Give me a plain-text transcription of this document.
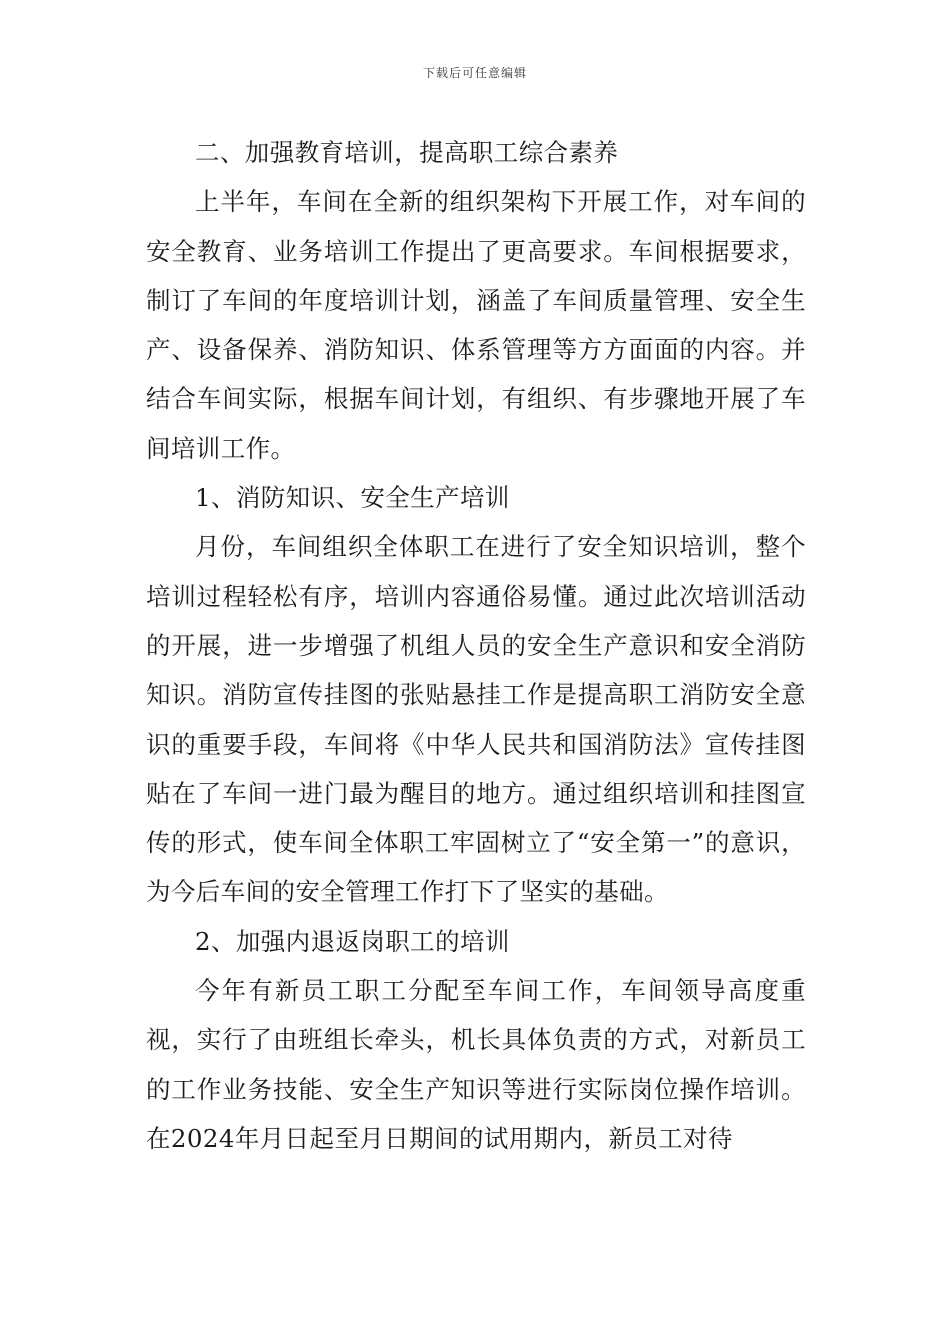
下载后可任意编辑

二、加强教育培训，提高职工综合素养

上半年，车间在全新的组织架构下开展工作，对车间的安全教育、业务培训工作提出了更高要求。车间根据要求，制订了车间的年度培训计划，涵盖了车间质量管理、安全生产、设备保养、消防知识、体系管理等方方面面的内容。并结合车间实际，根据车间计划，有组织、有步骤地开展了车间培训工作。

1、消防知识、安全生产培训

月份，车间组织全体职工在进行了安全知识培训，整个培训过程轻松有序，培训内容通俗易懂。通过此次培训活动的开展，进一步增强了机组人员的安全生产意识和安全消防知识。消防宣传挂图的张贴悬挂工作是提高职工消防安全意识的重要手段，车间将《中华人民共和国消防法》宣传挂图贴在了车间一进门最为醒目的地方。通过组织培训和挂图宣传的形式，使车间全体职工牢固树立了“安全第一”的意识，为今后车间的安全管理工作打下了坚实的基础。

2、加强内退返岗职工的培训

今年有新员工职工分配至车间工作，车间领导高度重视，实行了由班组长牵头，机长具体负责的方式，对新员工的工作业务技能、安全生产知识等进行实际岗位操作培训。在2024年月日起至月日期间的试用期内，新员工对待
